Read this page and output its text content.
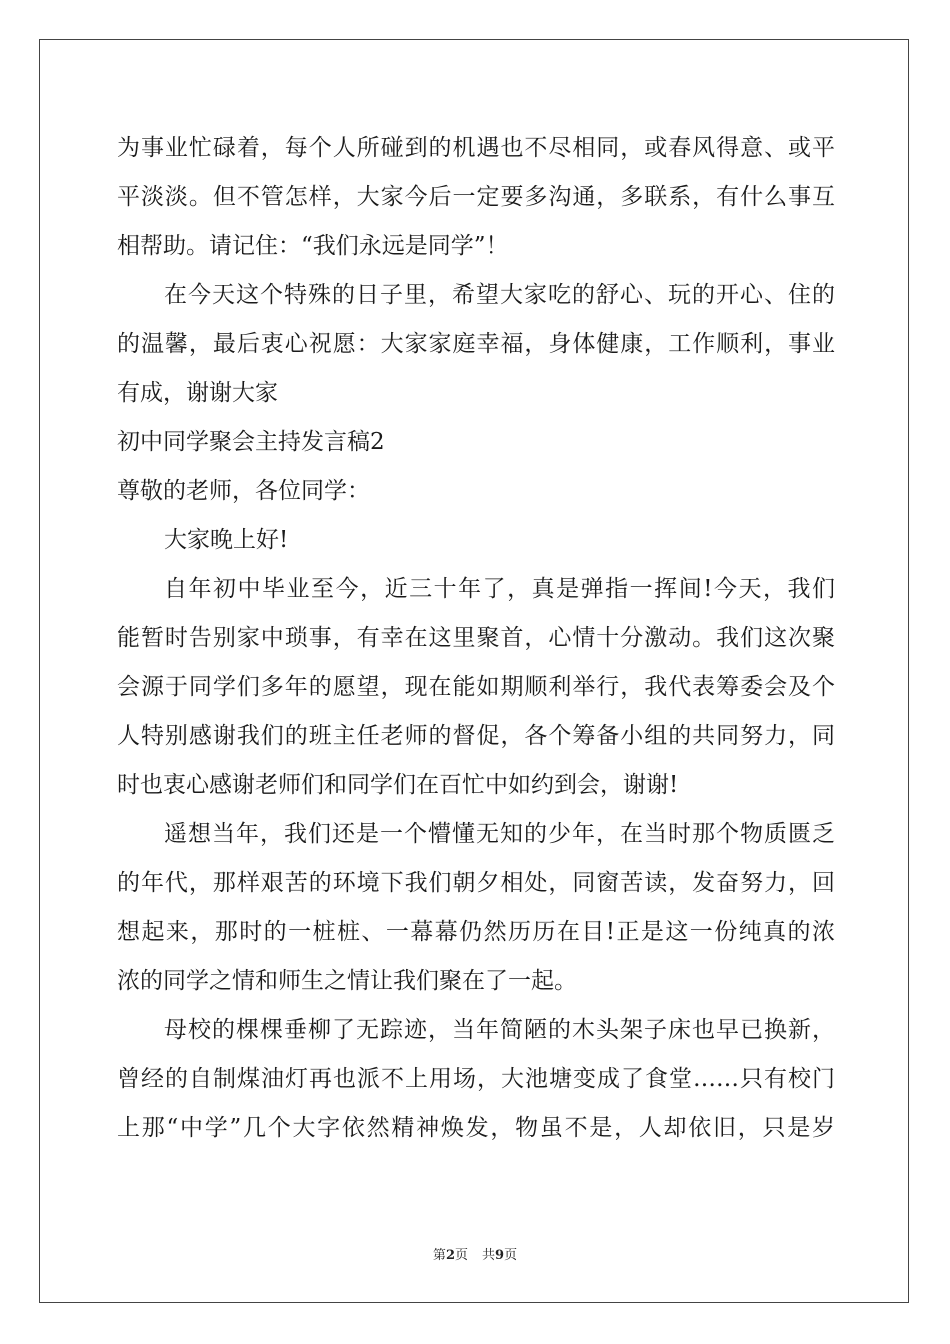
为事业忙碌着，每个人所碰到的机遇也不尽相同，或春风得意、或平
平淡淡。但不管怎样，大家今后一定要多沟通，多联系，有什么事互
相帮助。请记住：“我们永远是同学”！
在今天这个特殊的日子里，希望大家吃的舒心、玩的开心、住的
的温馨，最后衷心祝愿：大家家庭幸福，身体健康，工作顺利，事业
有成，谢谢大家
初中同学聚会主持发言稿2
尊敬的老师，各位同学：
大家晚上好!
自年初中毕业至今，近三十年了，真是弹指一挥间!今天，我们
能暂时告别家中琐事，有幸在这里聚首，心情十分激动。我们这次聚
会源于同学们多年的愿望，现在能如期顺利举行，我代表筹委会及个
人特别感谢我们的班主任老师的督促，各个筹备小组的共同努力，同
时也衷心感谢老师们和同学们在百忙中如约到会，谢谢!
遥想当年，我们还是一个懵懂无知的少年，在当时那个物质匮乏
的年代，那样艰苦的环境下我们朝夕相处，同窗苦读，发奋努力，回
想起来，那时的一桩桩、一幕幕仍然历历在目!正是这一份纯真的浓
浓的同学之情和师生之情让我们聚在了一起。
母校的棵棵垂柳了无踪迹，当年简陋的木头架子床也早已换新，
曾经的自制煤油灯再也派不上用场，大池塘变成了食堂……只有校门
上那“中学”几个大字依然精神焕发，物虽不是，人却依旧，只是岁
第2页 共9页
